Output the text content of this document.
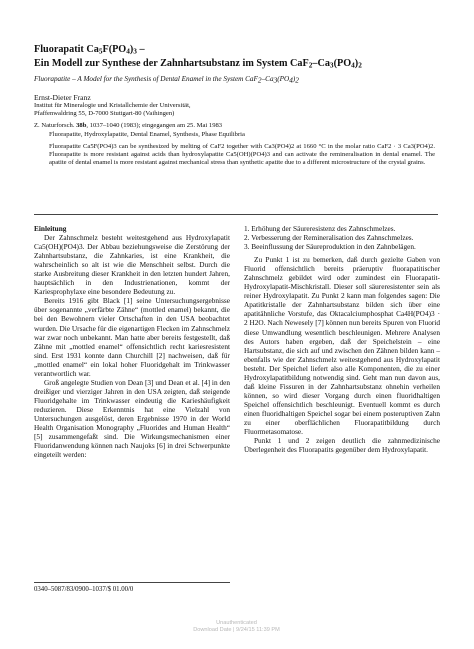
Fluorapatit $Ca_5F(PO_4)_3$ –
Ein Modell zur Synthese der Zahnhartsubstanz im System $CaF_2-Ca_3(PO_4)_2$
Fluorapatite – A Model for the Synthesis of Dental Enamel in the System $CaF_2-Ca_3(PO_4)_2$
Ernst-Dieter Franz
Institut für Mineralogie und Kristallchemie der Universität,
Pfaffenwaldring 55, D-7000 Stuttgart-80 (Vaihingen)
Z. Naturforsch. 38b, 1037–1040 (1983); eingegangen am 25. Mai 1983
Fluorapatite, Hydroxylapatite, Dental Enamel, Synthesis, Phase Equilibria
Fluorapatite Ca5F(PO4)3 can be synthesized by melting of CaF2 together with Ca3(PO4)2 at 1660 °C in the molar ratio CaF2 · 3 Ca3(PO4)2. Fluorapatite is more resistant against acids than hydroxylapatite Ca5(OH)(PO4)3 and can activate the remineralisation in dental enamel. The apatite of dental enamel is more resistant against mechanical stress than synthetic apatite due to a different microstructure of the crystal grains.

Einleitung

Der Zahnschmelz besteht weitestgehend aus Hydroxylapatit Ca5(OH)(PO4)3. Der Abbau beziehungsweise die Zerstörung der Zahnhartsubstanz, die Zahnkaries, ist eine Krankheit, die wahrscheinlich so alt ist wie die Menschheit selbst. Durch die starke Ausbreitung dieser Krankheit in den letzten hundert Jahren, hauptsächlich in den Industrienationen, kommt der Kariesprophylaxe eine besondere Bedeutung zu.

Bereits 1916 gibt Black [1] seine Untersuchungsergebnisse über sogenannte „verfärbte Zähne“ (mottled enamel) bekannt, die bei den Bewohnern vieler Ortschaften in den USA beobachtet wurden. Die Ursache für die eigenartigen Flecken im Zahnschmelz war zwar noch unbekannt. Man hatte aber bereits festgestellt, daß Zähne mit „mottled enamel“ offensichtlich recht kariesresistent sind. Erst 1931 konnte dann Churchill [2] nachweisen, daß für „mottled enamel“ ein lokal hoher Fluoridgehalt im Trinkwasser verantwortlich war.

Groß angelegte Studien von Dean [3] und Dean et al. [4] in den dreißiger und vierziger Jahren in den USA zeigten, daß steigende Fluoridgehalte im Trinkwasser eindeutig die Karieshäufigkeit reduzieren. Diese Erkenntnis hat eine Vielzahl von Untersuchungen ausgelöst, deren Ergebnisse 1970 in der World Health Organisation Monography „Fluorides and Human Health“ [5] zusammengefaßt sind. Die Wirkungsmechanismen einer Fluoridanwendung können nach Naujoks [6] in drei Schwerpunkte eingeteilt werden:

1. Erhöhung der Säureresistenz des Zahnschmelzes.

2. Verbesserung der Remineralisation des Zahnschmelzes.

3. Beeinflussung der Säureproduktion in den Zahnbelägen.

Zu Punkt 1 ist zu bemerken, daß durch gezielte Gaben von Fluorid offensichtlich bereits präeruptiv fluorapatitischer Zahnschmelz gebildet wird oder zumindest ein Fluorapatit-Hydroxylapatit-Mischkristall. Dieser soll säureresistenter sein als reiner Hydroxylapatit. Zu Punkt 2 kann man folgendes sagen: Die Apatitkristalle der Zahnhartsubstanz bilden sich über eine apatitähnliche Vorstufe, das Oktacalciumphosphat Ca4H(PO4)3 · 2 H2O. Nach Newesely [7] können nun bereits Spuren von Fluorid diese Umwandlung wesentlich beschleunigen. Mehrere Analysen des Autors haben ergeben, daß der Speichelstein – eine Hartsubstanz, die sich auf und zwischen den Zähnen bilden kann – ebenfalls wie der Zahnschmelz weitestgehend aus Hydroxylapatit besteht. Der Speichel liefert also alle Komponenten, die zu einer Hydroxylapatitbildung notwendig sind. Geht man nun davon aus, daß kleine Fissuren in der Zahnhartsubstanz ohnehin verheilen können, so wird dieser Vorgang durch einen fluoridhaltigen Speichel offensichtlich beschleunigt. Eventuell kommt es durch einen fluoridhaltigen Speichel sogar bei einem posteruptiven Zahn zu einer oberflächlichen Fluorapatitbildung durch Fluormetasomatose.

Punkt 1 und 2 zeigen deutlich die zahnmedizinische Überlegenheit des Fluorapatits gegenüber dem Hydroxylapatit.

0340–5087/83/0900–1037/$ 01.00/0
Unauthenticated
Download Date | 9/24/15 11:39 PM
